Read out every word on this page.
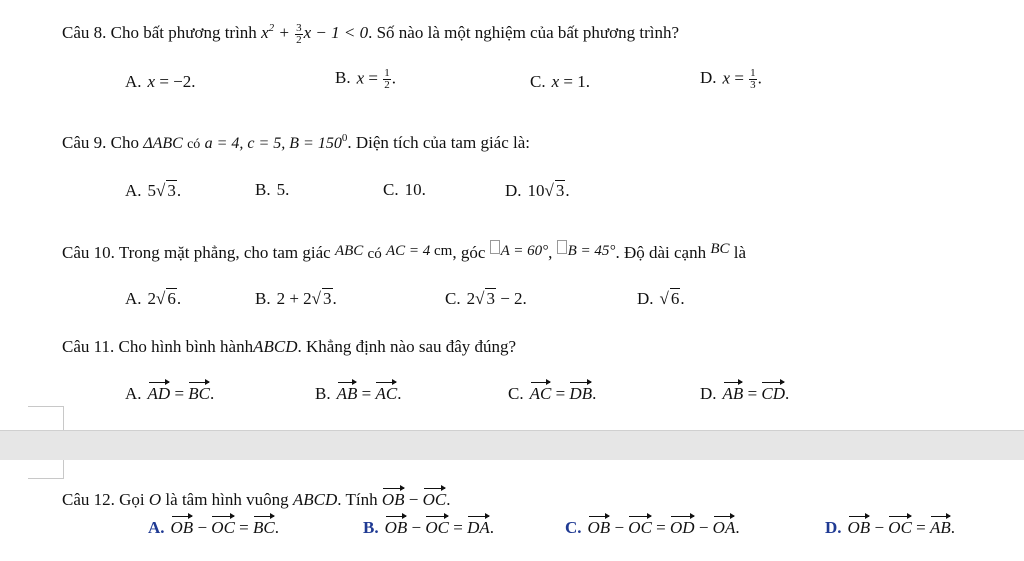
Câu 8. Cho bất phương trình $x^2 + \frac{3}{2}$ x − 1 < 0. Số nào là một nghiệm của bất phương trình?
A. x = −2.	B. $x = \frac{1}{2}$ .	C. x = 1.	D. $x = \frac{1}{3}$ .
Câu 9. Cho ΔABC có a = 4, c = 5, $B = 150^0$. Diện tích của tam giác là:
A. 5√ 3.	B. 5.	C. 10.	D. 10√ 3.
Câu 10. Trong mặt phẳng, cho tam giác ABC có AC = 4 cm, góc A = 60°, B = 45°. Độ dài cạnh BC là
A. 2√ 6.	B. 2 + 2√ 3.	C. 2√ 3 − 2.	D. √ 6.
Câu 11. Cho hình bình hànhABCD. Khẳng định nào sau đây đúng?
A. AD = BC.	B. AB = AC.	C. AC = DB.	D. AB = CD.
Câu 12. Gọi O là tâm hình vuông ABCD. Tính OB − OC.
A. OB − OC = BC.	B. OB − OC = DA.	C. OB − OC = OD − OA.	D. OB − OC = AB.
